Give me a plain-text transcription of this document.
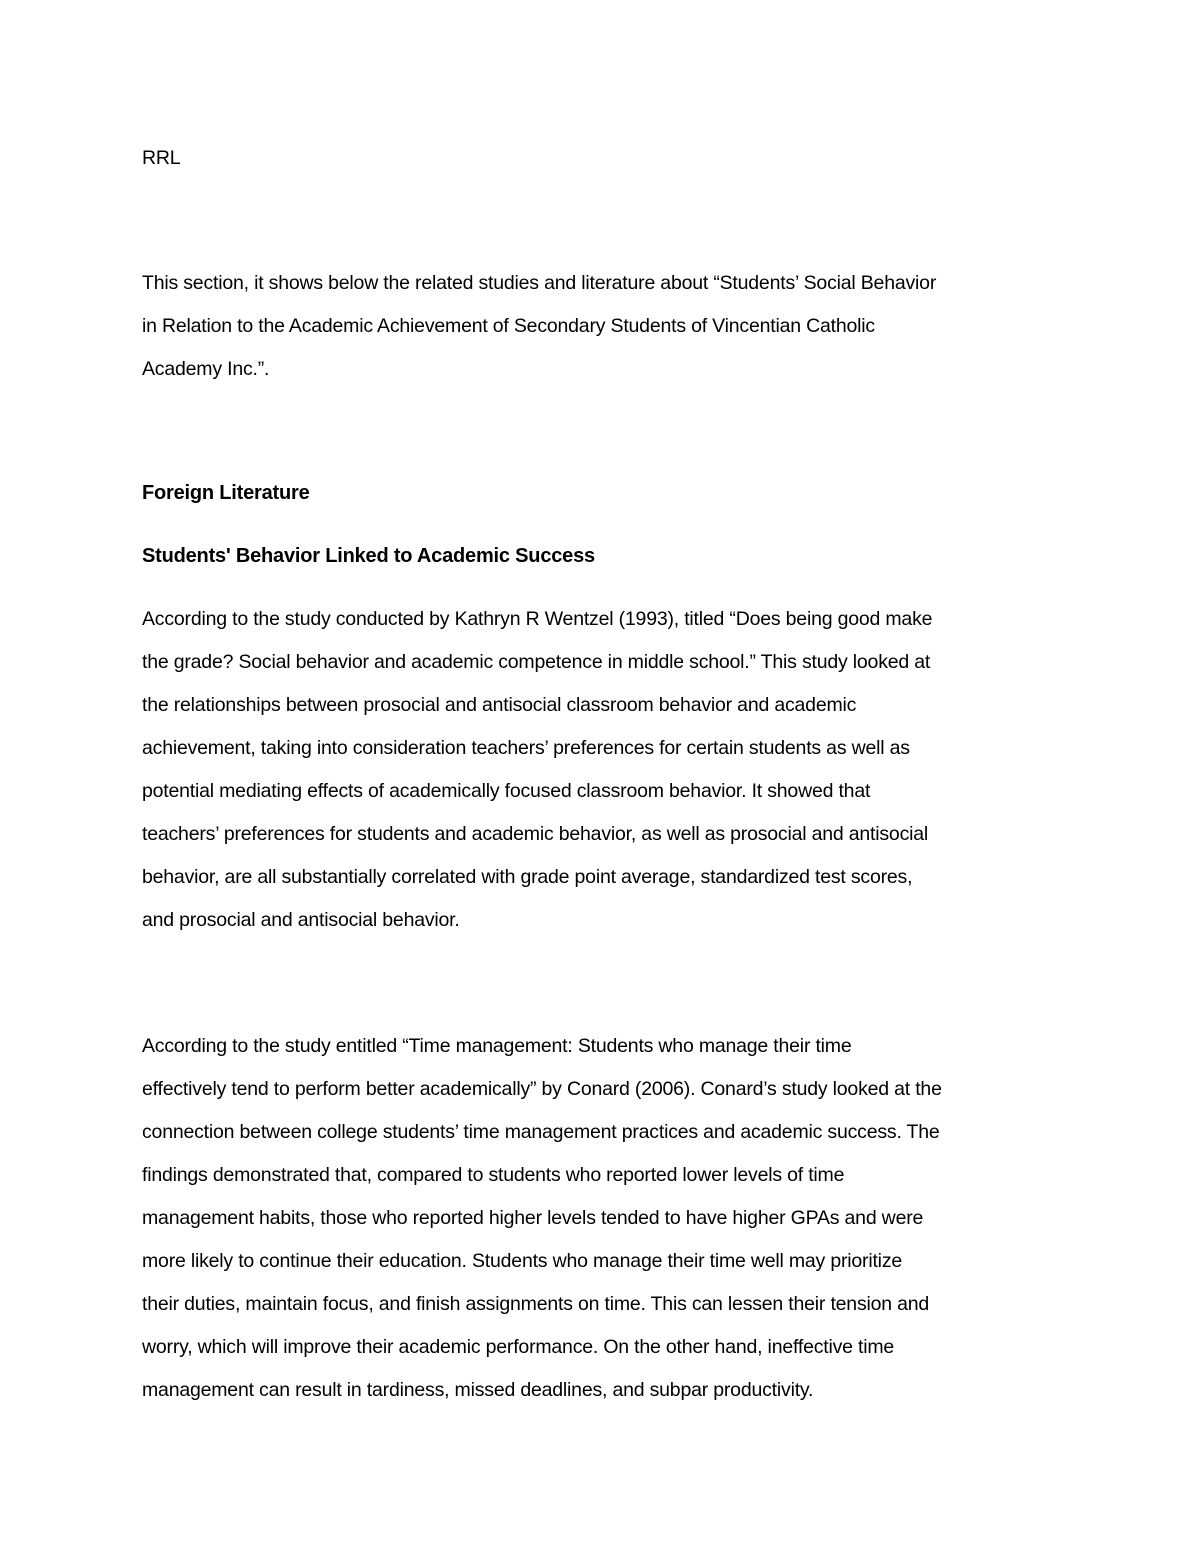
RRL
This section, it shows below the related studies and literature about “Students’ Social Behavior
in Relation to the Academic Achievement of Secondary Students of Vincentian Catholic
Academy Inc.”.
Foreign Literature
Students' Behavior Linked to Academic Success
According to the study conducted by Kathryn R Wentzel (1993), titled “Does being good make
the grade? Social behavior and academic competence in middle school.” This study looked at
the relationships between prosocial and antisocial classroom behavior and academic
achievement, taking into consideration teachers’ preferences for certain students as well as
potential mediating effects of academically focused classroom behavior. It showed that
teachers’ preferences for students and academic behavior, as well as prosocial and antisocial
behavior, are all substantially correlated with grade point average, standardized test scores,
and prosocial and antisocial behavior.
According to the study entitled “Time management: Students who manage their time
effectively tend to perform better academically” by Conard (2006). Conard’s study looked at the
connection between college students’ time management practices and academic success. The
findings demonstrated that, compared to students who reported lower levels of time
management habits, those who reported higher levels tended to have higher GPAs and were
more likely to continue their education. Students who manage their time well may prioritize
their duties, maintain focus, and finish assignments on time. This can lessen their tension and
worry, which will improve their academic performance. On the other hand, ineffective time
management can result in tardiness, missed deadlines, and subpar productivity.
